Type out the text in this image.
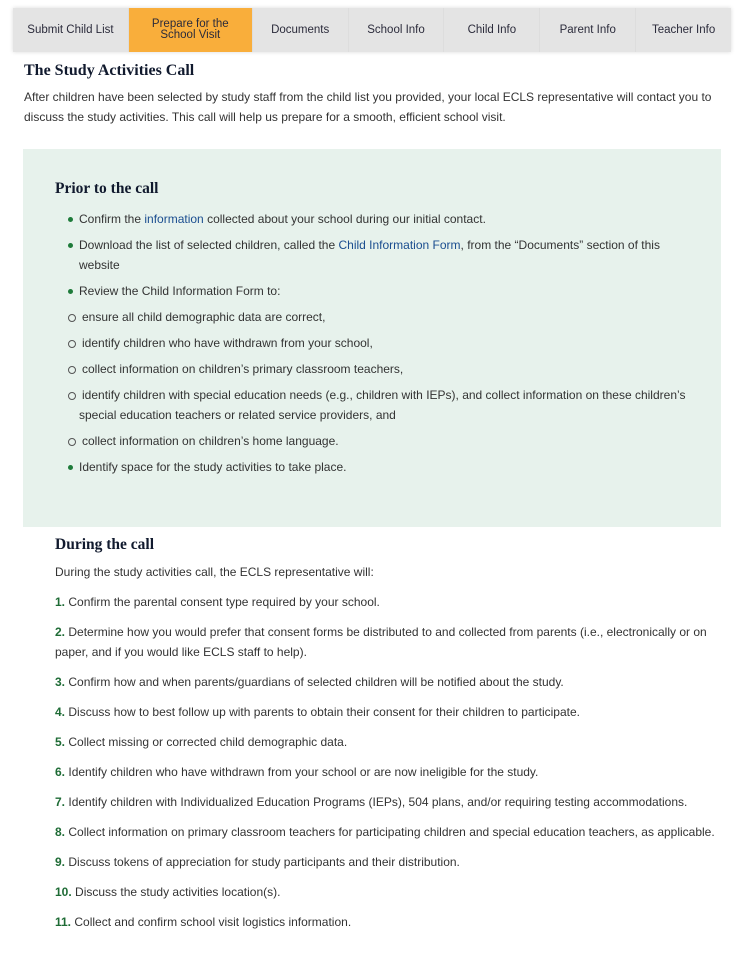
Submit Child List	Prepare for the School Visit	Documents	School Info	Child Info	Parent Info	Teacher Info
The Study Activities Call

After children have been selected by study staff from the child list you provided, your local ECLS representative will contact you to discuss the study activities. This call will help us prepare for a smooth, efficient school visit.

Prior to the call
Confirm the information collected about your school during our initial contact.
Download the list of selected children, called the Child Information Form, from the “Documents” section of this website
Review the Child Information Form to:
ensure all child demographic data are correct,
identify children who have withdrawn from your school,
collect information on children’s primary classroom teachers,
identify children with special education needs (e.g., children with IEPs), and collect information on these children’s special education teachers or related service providers, and
collect information on children’s home language.
Identify space for the study activities to take place.
During the call

During the study activities call, the ECLS representative will:

1. Confirm the parental consent type required by your school.
2. Determine how you would prefer that consent forms be distributed to and collected from parents (i.e., electronically or on paper, and if you would like ECLS staff to help).
3. Confirm how and when parents/guardians of selected children will be notified about the study.
4. Discuss how to best follow up with parents to obtain their consent for their children to participate.
5. Collect missing or corrected child demographic data.
6. Identify children who have withdrawn from your school or are now ineligible for the study.
7. Identify children with Individualized Education Programs (IEPs), 504 plans, and/or requiring testing accommodations.
8. Collect information on primary classroom teachers for participating children and special education teachers, as applicable.
9. Discuss tokens of appreciation for study participants and their distribution.
10. Discuss the study activities location(s).
11. Collect and confirm school visit logistics information.
